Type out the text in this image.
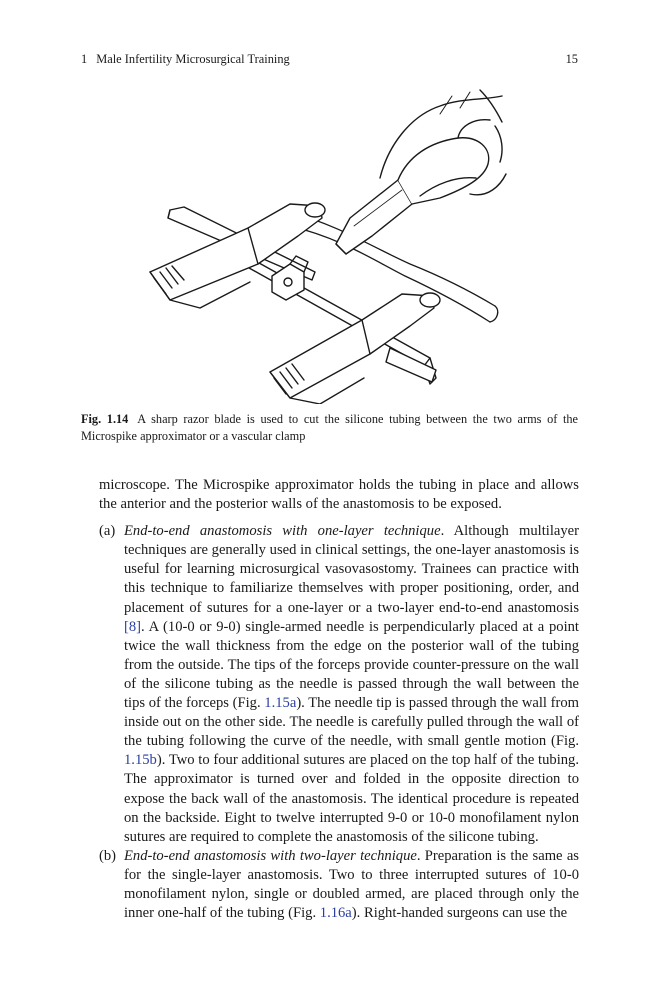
1 Male Infertility Microsurgical Training	15
Fig. 1.14 A sharp razor blade is used to cut the silicone tubing between the two arms of the Microspike approximator or a vascular clamp

microscope. The Microspike approximator holds the tubing in place and allows the anterior and the posterior walls of the anastomosis to be exposed.

(a) End-to-end anastomosis with one-layer technique. Although multilayer techniques are generally used in clinical settings, the one-layer anastomosis is useful for learning microsurgical vasovasostomy. Trainees can practice with this technique to familiarize themselves with proper positioning, order, and placement of sutures for a one-layer or a two-layer end-to-end anastomosis [8]. A (10-0 or 9-0) single-armed needle is perpendicularly placed at a point twice the wall thickness from the edge on the posterior wall of the tubing from the outside. The tips of the forceps provide counter-pressure on the wall of the silicone tubing as the needle is passed through the wall between the tips of the forceps (Fig. 1.15a). The needle tip is passed through the wall from inside out on the other side. The needle is carefully pulled through the wall of the tubing following the curve of the needle, with small gentle motion (Fig. 1.15b). Two to four additional sutures are placed on the top half of the tubing. The approximator is turned over and folded in the opposite direction to expose the back wall of the anastomosis. The identical procedure is repeated on the backside. Eight to twelve interrupted 9-0 or 10-0 monofilament nylon sutures are required to complete the anastomosis of the silicone tubing.
(b) End-to-end anastomosis with two-layer technique. Preparation is the same as for the single-layer anastomosis. Two to three interrupted sutures of 10-0 monofilament nylon, single or doubled armed, are placed through only the inner one-half of the tubing (Fig. 1.16a). Right-handed surgeons can use the
